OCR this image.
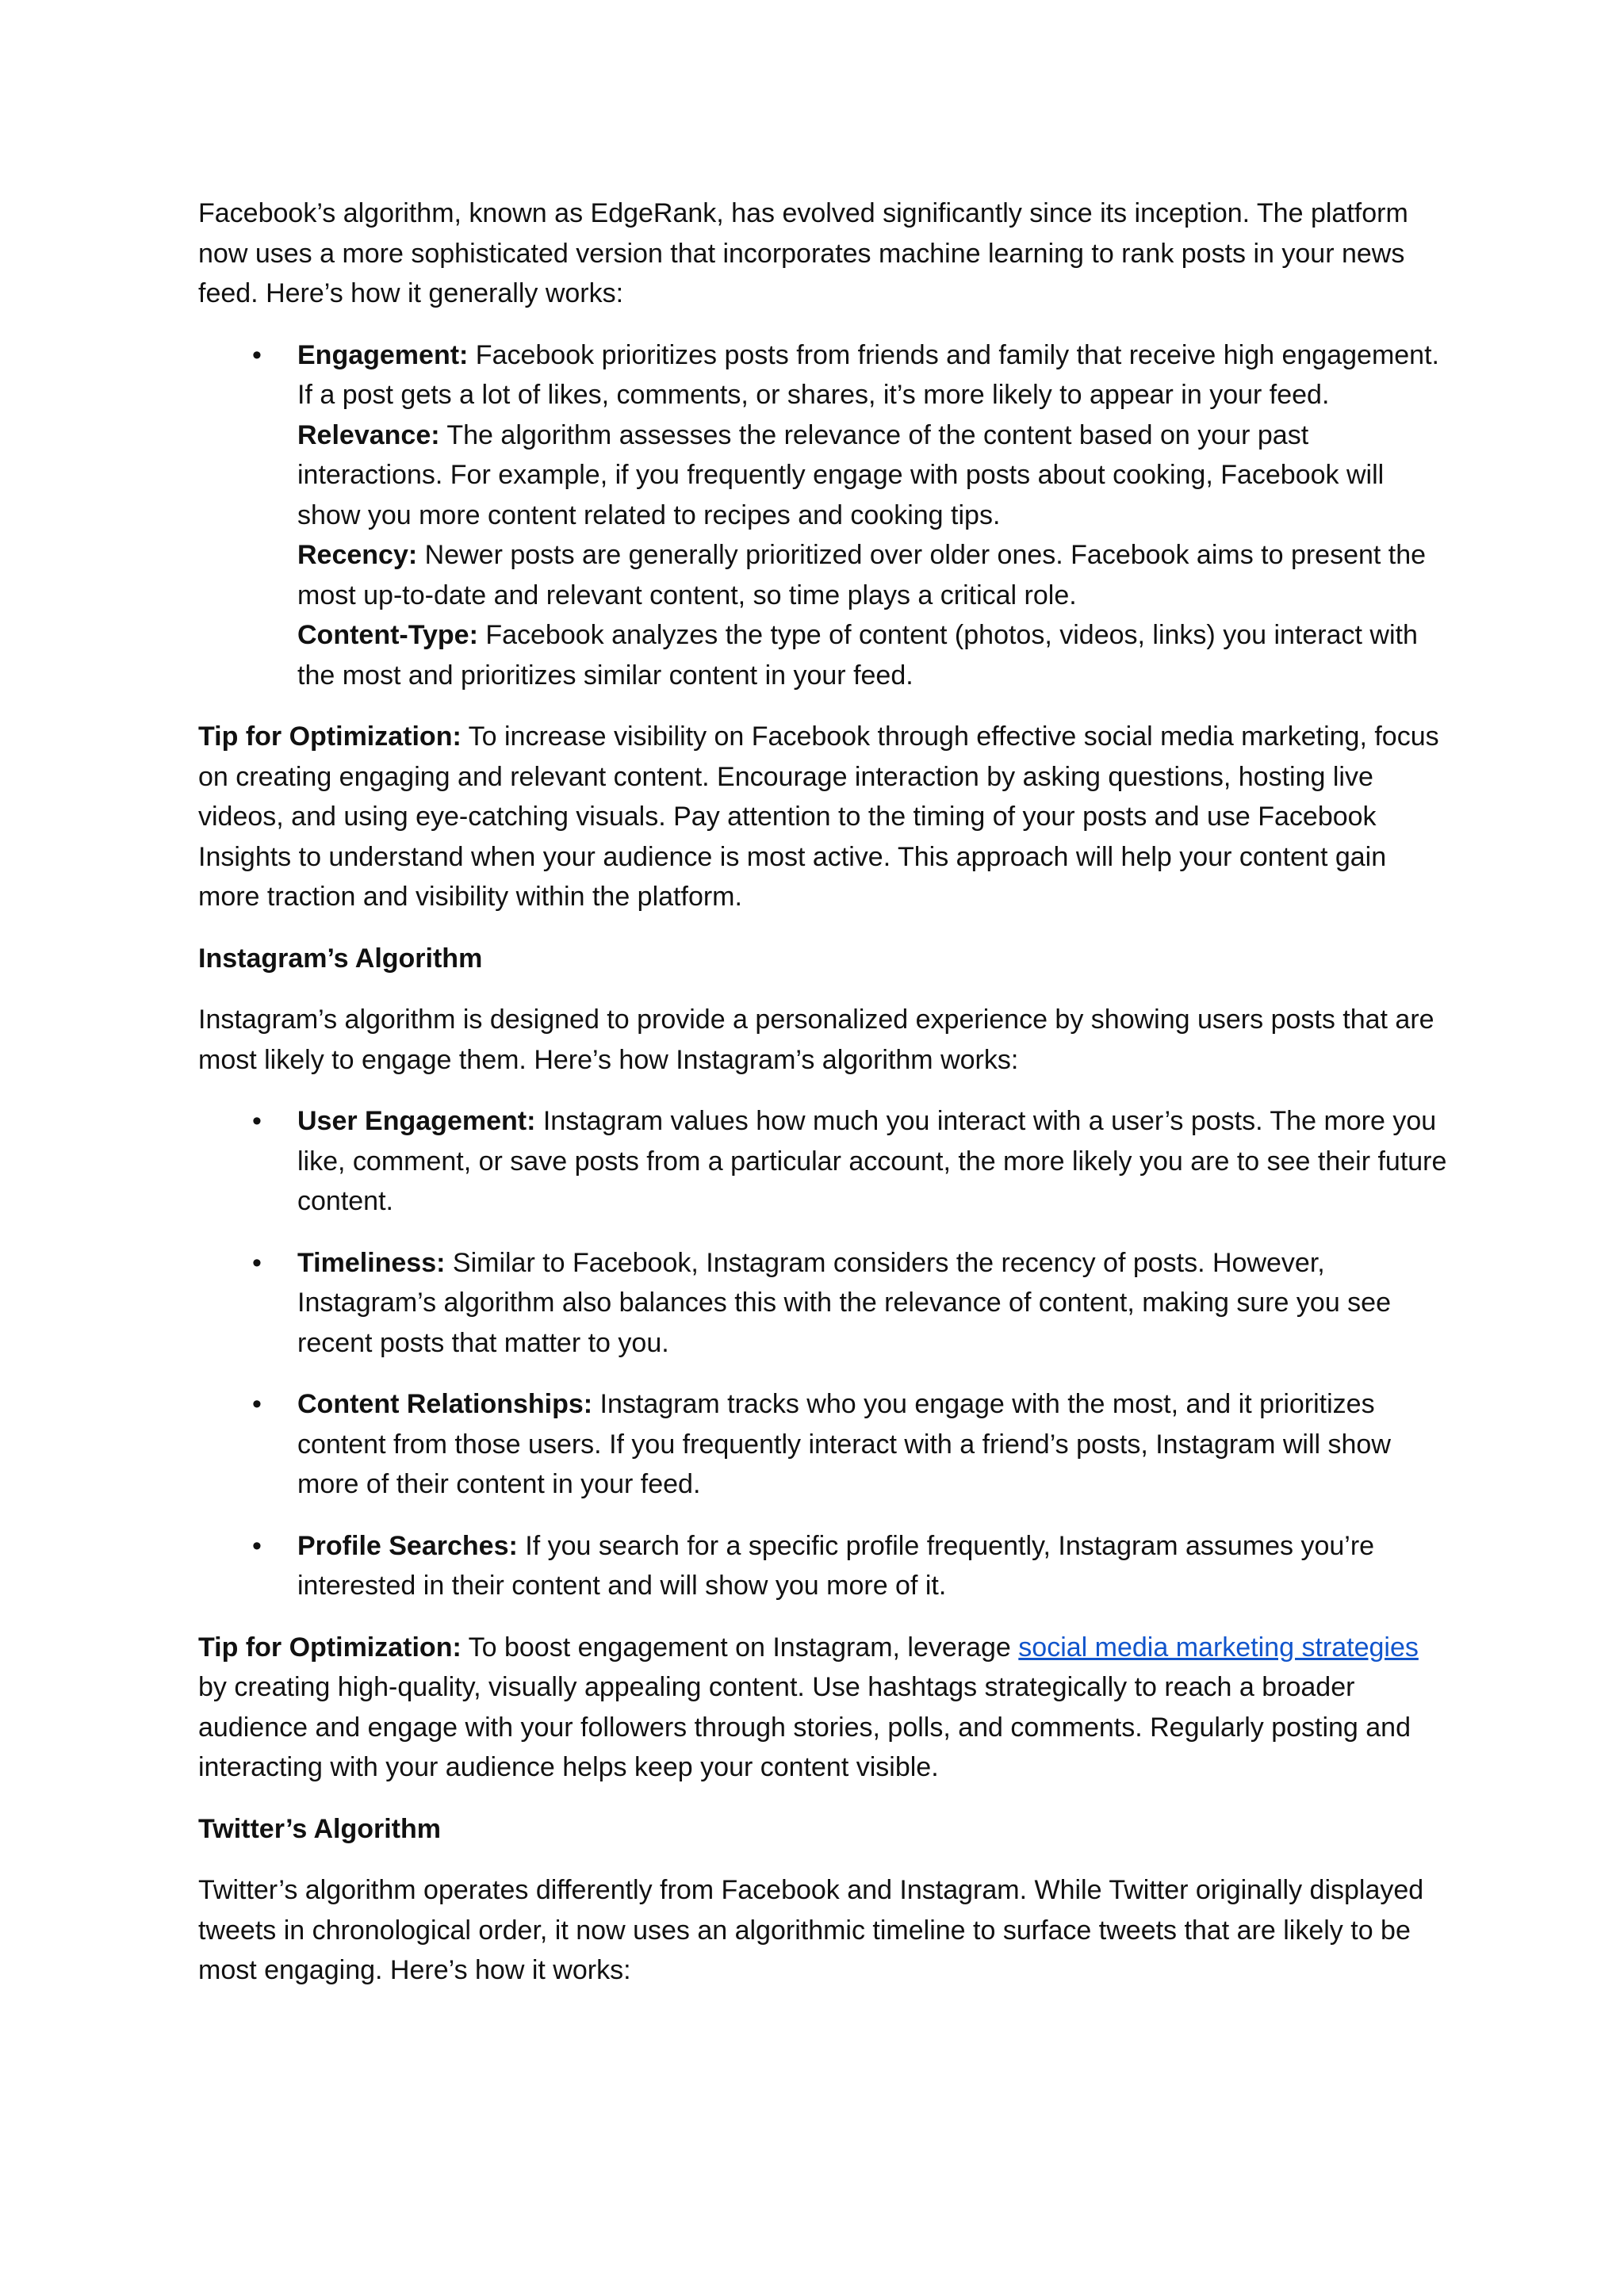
Facebook’s algorithm, known as EdgeRank, has evolved significantly since its inception. The platform now uses a more sophisticated version that incorporates machine learning to rank posts in your news feed. Here’s how it generally works:

• Engagement: Facebook prioritizes posts from friends and family that receive high engagement. If a post gets a lot of likes, comments, or shares, it’s more likely to appear in your feed.
Relevance: The algorithm assesses the relevance of the content based on your past interactions. For example, if you frequently engage with posts about cooking, Facebook will show you more content related to recipes and cooking tips.
Recency: Newer posts are generally prioritized over older ones. Facebook aims to present the most up-to-date and relevant content, so time plays a critical role.
Content-Type: Facebook analyzes the type of content (photos, videos, links) you interact with the most and prioritizes similar content in your feed.

Tip for Optimization: To increase visibility on Facebook through effective social media marketing, focus on creating engaging and relevant content. Encourage interaction by asking questions, hosting live videos, and using eye-catching visuals. Pay attention to the timing of your posts and use Facebook Insights to understand when your audience is most active. This approach will help your content gain more traction and visibility within the platform.

Instagram’s Algorithm

Instagram’s algorithm is designed to provide a personalized experience by showing users posts that are most likely to engage them. Here’s how Instagram’s algorithm works:

• User Engagement: Instagram values how much you interact with a user’s posts. The more you like, comment, or save posts from a particular account, the more likely you are to see their future content.
• Timeliness: Similar to Facebook, Instagram considers the recency of posts. However, Instagram’s algorithm also balances this with the relevance of content, making sure you see recent posts that matter to you.
• Content Relationships: Instagram tracks who you engage with the most, and it prioritizes content from those users. If you frequently interact with a friend’s posts, Instagram will show more of their content in your feed.
• Profile Searches: If you search for a specific profile frequently, Instagram assumes you’re interested in their content and will show you more of it.

Tip for Optimization: To boost engagement on Instagram, leverage social media marketing strategies by creating high-quality, visually appealing content. Use hashtags strategically to reach a broader audience and engage with your followers through stories, polls, and comments. Regularly posting and interacting with your audience helps keep your content visible.

Twitter’s Algorithm

Twitter’s algorithm operates differently from Facebook and Instagram. While Twitter originally displayed tweets in chronological order, it now uses an algorithmic timeline to surface tweets that are likely to be most engaging. Here’s how it works:
